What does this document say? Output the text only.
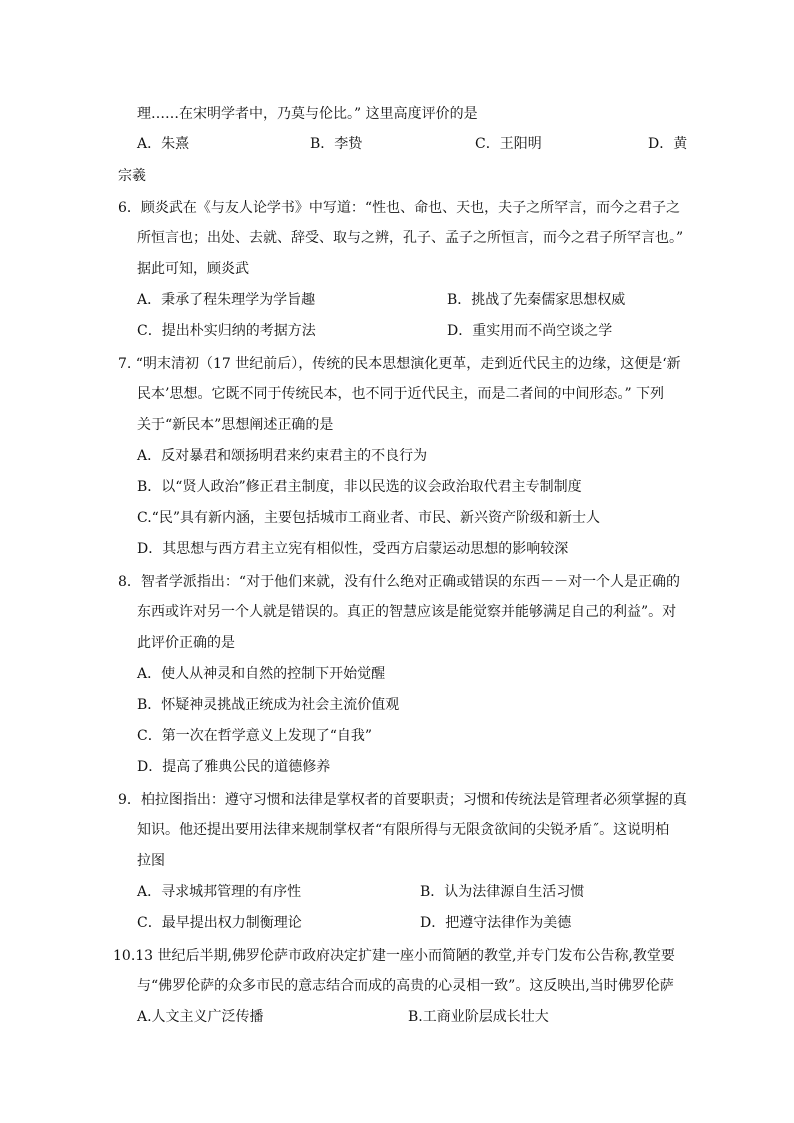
理……在宋明学者中，乃莫与伦比。” 这里高度评价的是
A．朱熹	B．李贽	C．王阳明	D．黄
宗羲
6．顾炎武在《与友人论学书》中写道：“性也、命也、天也，夫子之所罕言，而今之君子之
所恒言也；出处、去就、辞受、取与之辨，孔子、孟子之所恒言，而今之君子所罕言也。”
据此可知，顾炎武
A．秉承了程朱理学为学旨趣	B．挑战了先秦儒家思想权威
C．提出朴实归纳的考据方法	D．重实用而不尚空谈之学
7. “明末清初（17 世纪前后），传统的民本思想演化更革，走到近代民主的边缘，这便是‘新
民本’思想。它既不同于传统民本，也不同于近代民主，而是二者间的中间形态。” 下列
关于“新民本”思想阐述正确的是
A．反对暴君和颂扬明君来约束君主的不良行为
B．以“贤人政治”修正君主制度，非以民选的议会政治取代君主专制制度
C.“民”具有新内涵，主要包括城市工商业者、市民、新兴资产阶级和新士人
D．其思想与西方君主立宪有相似性，受西方启蒙运动思想的影响较深
8．智者学派指出：“对于他们来就，没有什么绝对正确或错误的东西－－对一个人是正确的
东西或许对另一个人就是错误的。真正的智慧应该是能觉察并能够满足自己的利益”。对
此评价正确的是
A．使人从神灵和自然的控制下开始觉醒
B．怀疑神灵挑战正统成为社会主流价值观
C．第一次在哲学意义上发现了“自我”
D．提高了雅典公民的道德修养
9．柏拉图指出：遵守习惯和法律是掌权者的首要职责；习惯和传统法是管理者必须掌握的真
知识。他还提出要用法律来规制掌权者“有限所得与无限贪欲间的尖锐矛盾˝。这说明柏
拉图
A．寻求城邦管理的有序性	B．认为法律源自生活习惯
C．最早提出权力制衡理论	D．把遵守法律作为美德
10.13 世纪后半期,佛罗伦萨市政府决定扩建一座小而简陋的教堂,并专门发布公告称,教堂要
与“佛罗伦萨的众多市民的意志结合而成的高贵的心灵相一致”。这反映出,当时佛罗伦萨
A.人文主义广泛传播	B.工商业阶层成长壮大
